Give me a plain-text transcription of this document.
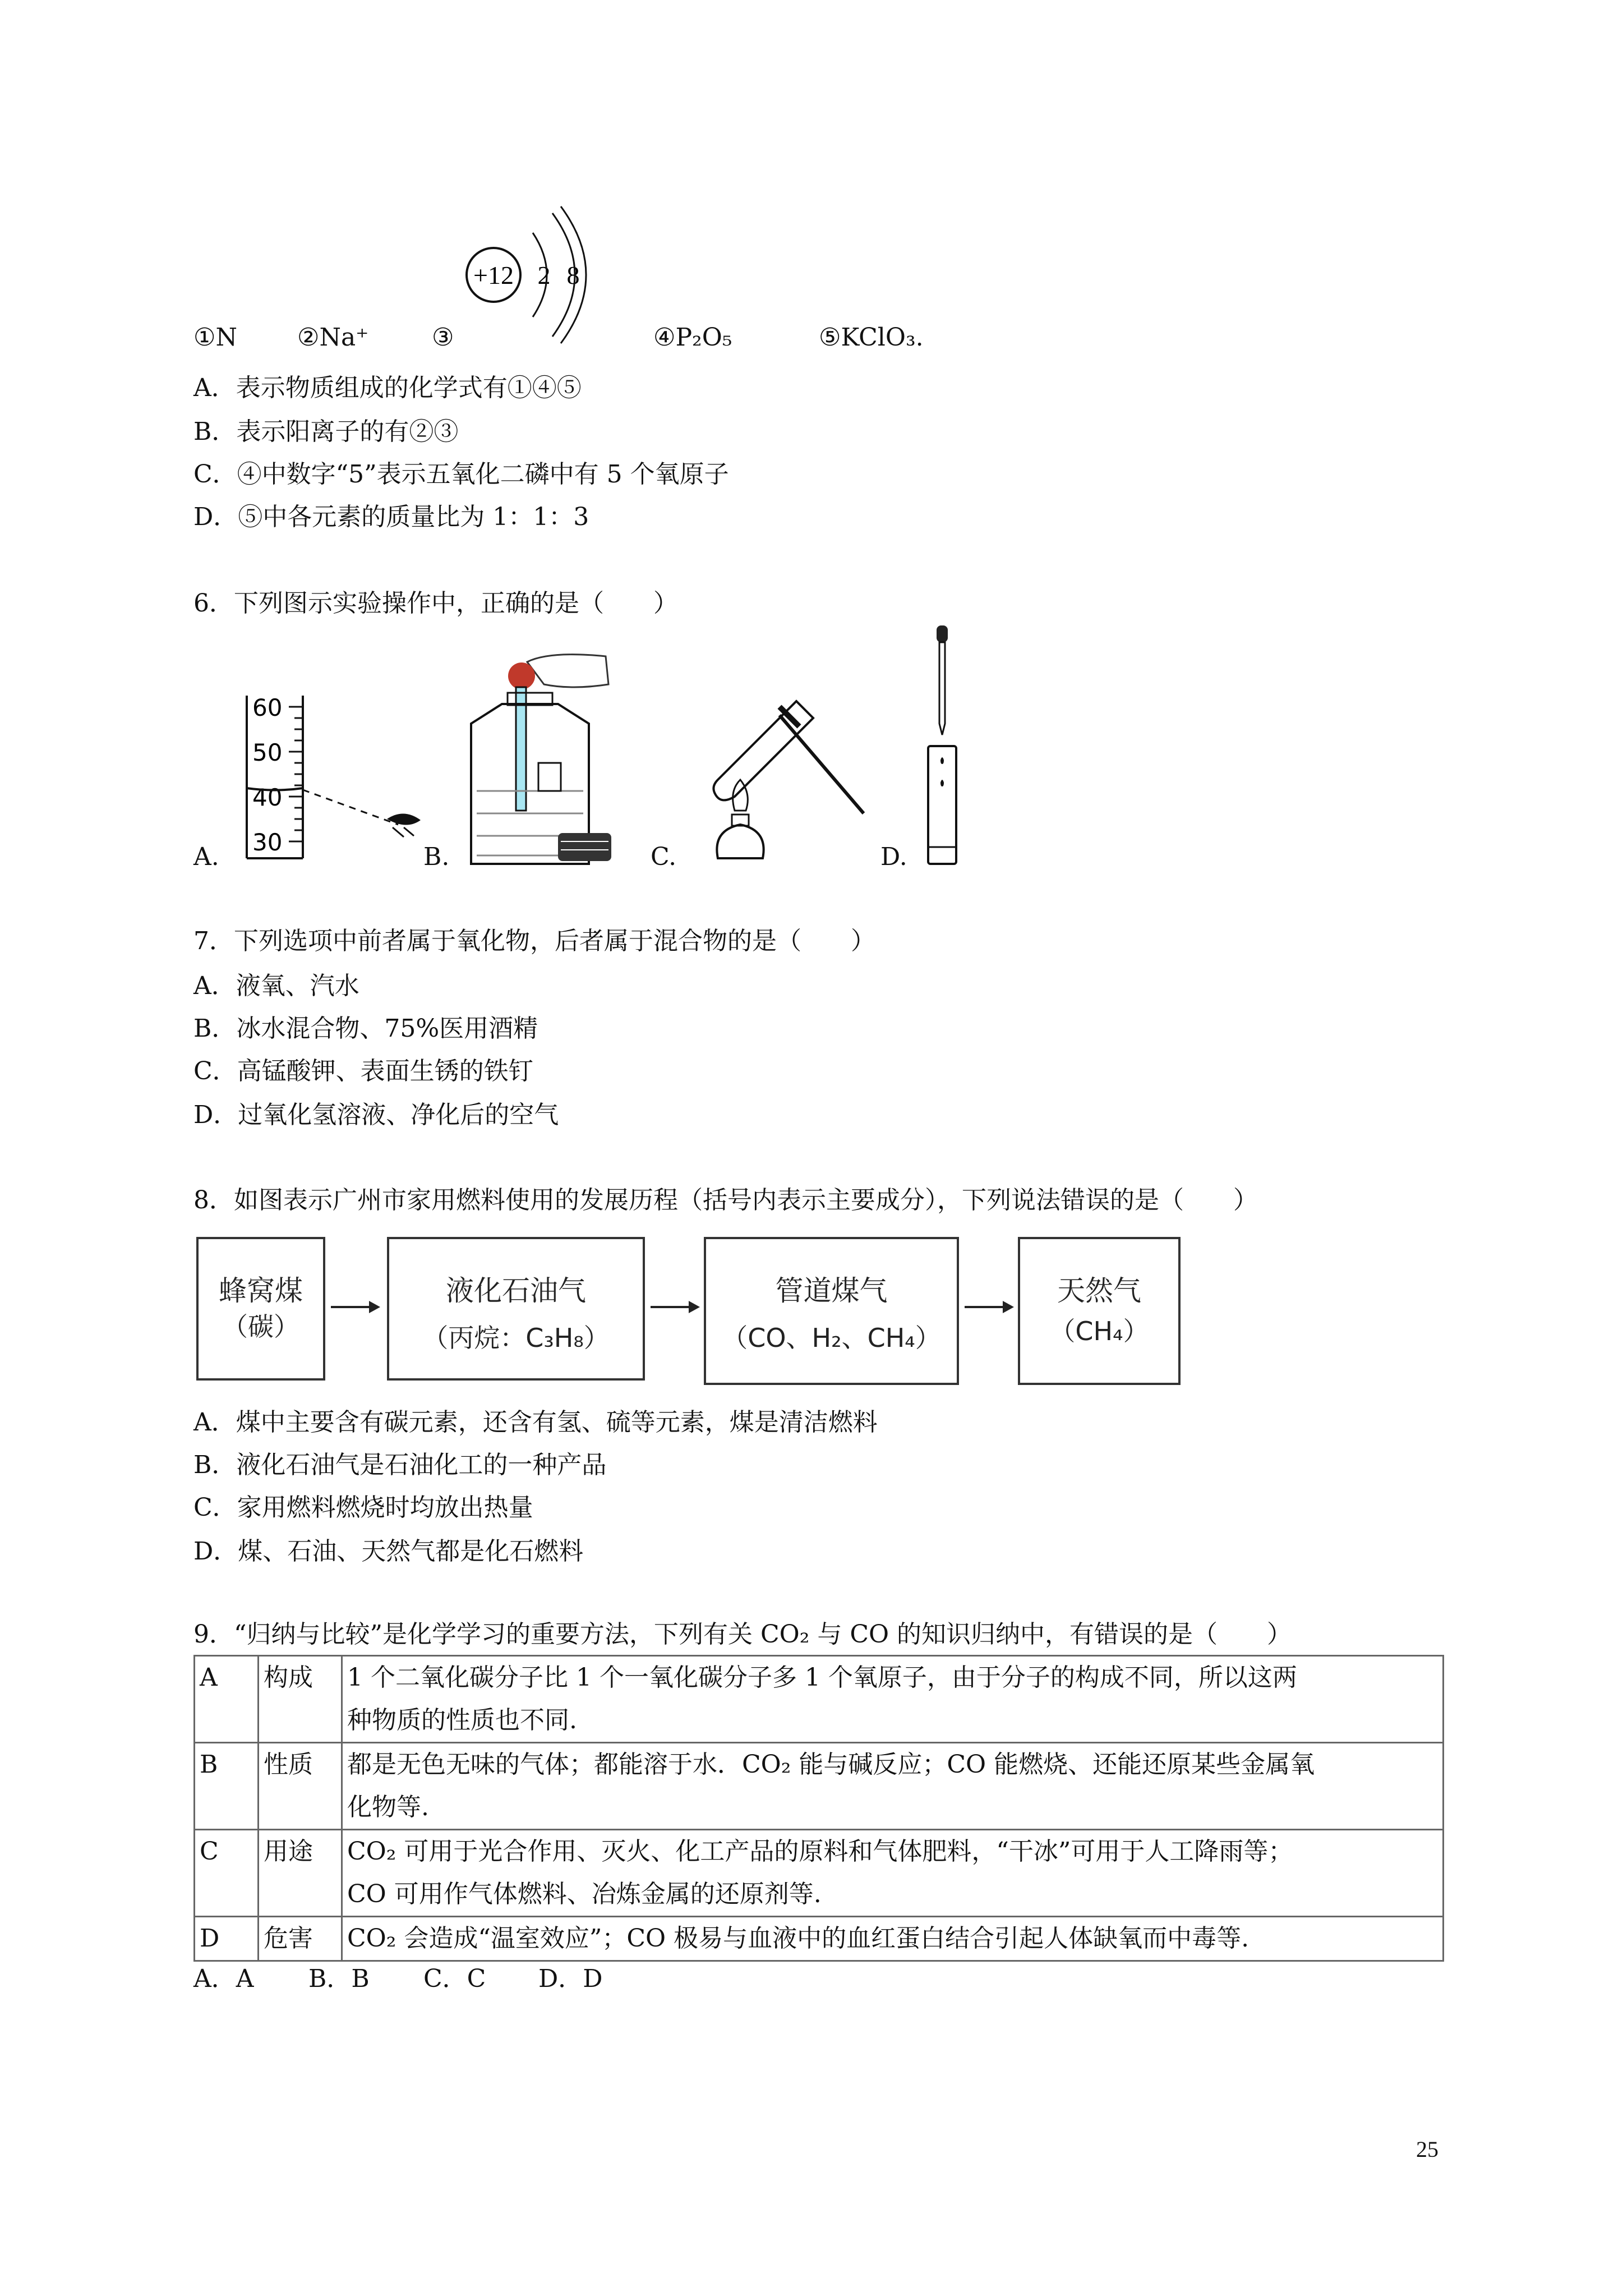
+12 2 8
①N ②Na⁺	③	④P₂O₅	⑤KClO₃.
A．表示物质组成的化学式有①④⑤
B．表示阳离子的有②③
C．④中数字“5”表示五氧化二磷中有 5 个氧原子
D．⑤中各元素的质量比为 1：1：3
6．下列图示实验操作中，正确的是（　　）
60
50
40
30
A.	B.	C.	D.
7．下列选项中前者属于氧化物，后者属于混合物的是（　　）
A．液氧、汽水
B．冰水混合物、75%医用酒精
C．高锰酸钾、表面生锈的铁钉
D．过氧化氢溶液、净化后的空气
8．如图表示广州市家用燃料使用的发展历程（括号内表示主要成分），下列说法错误的是（　　）
蜂窝煤
（碳）
液化石油气
（丙烷：C₃H₈）
管道煤气
（CO、H₂、CH₄）
天然气
（CH₄）
A．煤中主要含有碳元素，还含有氢、硫等元素，煤是清洁燃料
B．液化石油气是石油化工的一种产品
C．家用燃料燃烧时均放出热量
D．煤、石油、天然气都是化石燃料
9．“归纳与比较”是化学学习的重要方法，下列有关 CO₂ 与 CO 的知识归纳中，有错误的是（　　）
A	构成	1 个二氧化碳分子比 1 个一氧化碳分子多 1 个氧原子，由于分子的构成不同，所以这两
种物质的性质也不同.

B	性质	都是无色无味的气体；都能溶于水．CO₂ 能与碱反应；CO 能燃烧、还能还原某些金属氧
化物等.

C	用途	CO₂ 可用于光合作用、灭火、化工产品的原料和气体肥料，“干冰”可用于人工降雨等；
CO 可用作气体燃料、冶炼金属的还原剂等.

D	危害	CO₂ 会造成“温室效应”；CO 极易与血液中的血红蛋白结合引起人体缺氧而中毒等.
A．A B．B C．C D．D
25
